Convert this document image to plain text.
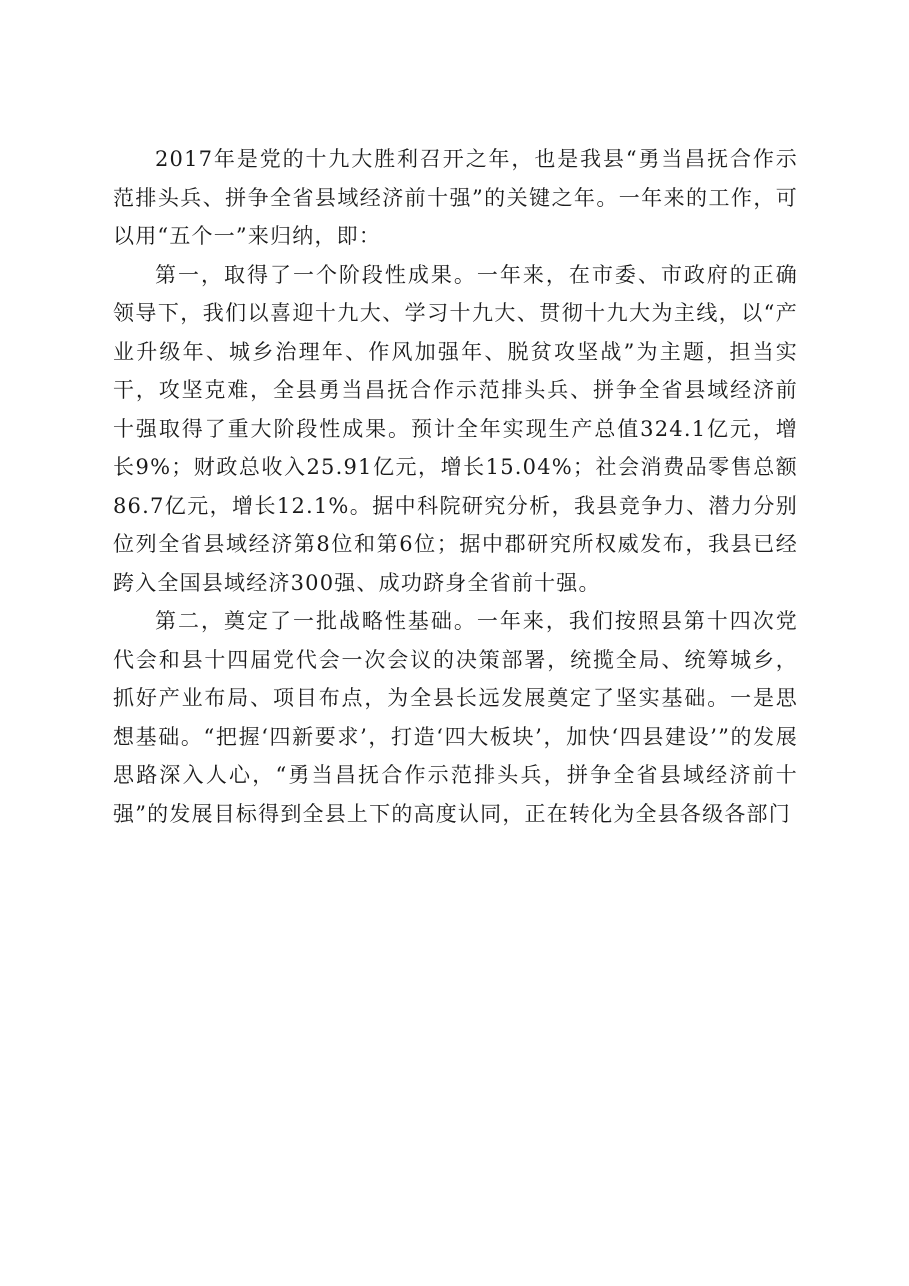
2017年是党的十九大胜利召开之年，也是我县“勇当昌抚合作示范排头兵、拼争全省县域经济前十强”的关键之年。一年来的工作，可以用“五个一”来归纳，即：

第一，取得了一个阶段性成果。一年来，在市委、市政府的正确领导下，我们以喜迎十九大、学习十九大、贯彻十九大为主线，以“产业升级年、城乡治理年、作风加强年、脱贫攻坚战”为主题，担当实干，攻坚克难，全县勇当昌抚合作示范排头兵、拼争全省县域经济前十强取得了重大阶段性成果。预计全年实现生产总值324.1亿元，增长9%；财政总收入25.91亿元，增长15.04%；社会消费品零售总额86.7亿元，增长12.1%。据中科院研究分析，我县竞争力、潜力分别位列全省县域经济第8位和第6位；据中郡研究所权威发布，我县已经跨入全国县域经济300强、成功跻身全省前十强。

第二，奠定了一批战略性基础。一年来，我们按照县第十四次党代会和县十四届党代会一次会议的决策部署，统揽全局、统筹城乡，抓好产业布局、项目布点，为全县长远发展奠定了坚实基础。一是思想基础。“把握‘四新要求’，打造‘四大板块’，加快‘四县建设’”的发展思路深入人心，“勇当昌抚合作示范排头兵，拼争全省县域经济前十强”的发展目标得到全县上下的高度认同，正在转化为全县各级各部门
